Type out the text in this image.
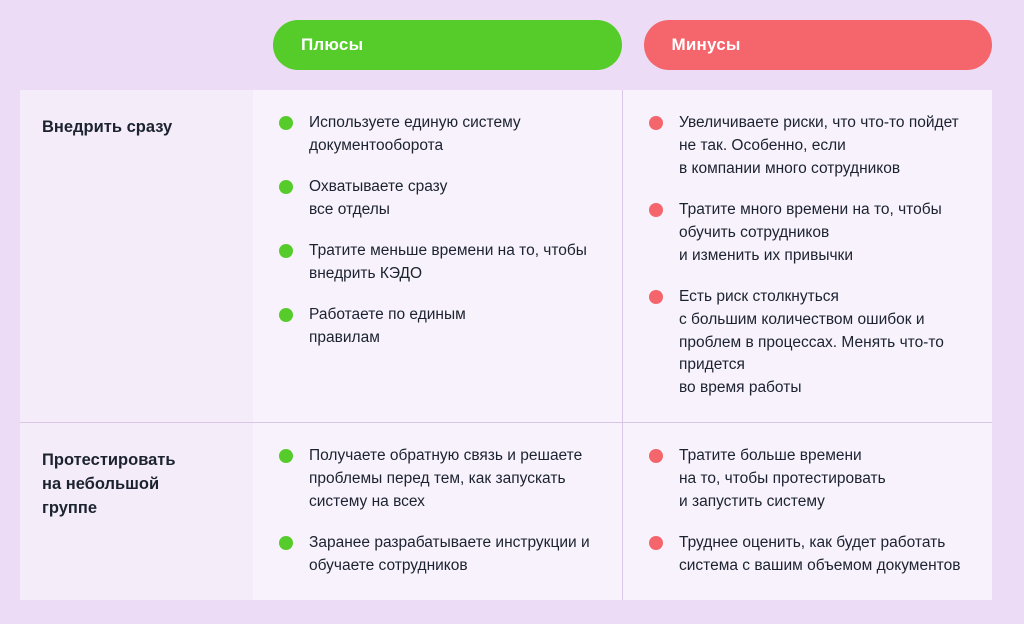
Плюсы	Минусы
Внедрить сразу	Используете единую систему документооборота
Охватываете сразу
все отделы
Тратите меньше времени на то, чтобы внедрить КЭДО
Работаете по единым
правилам
Увеличиваете риски, что что-то пойдет не так. Особенно, если
в компании много сотрудников
Тратите много времени на то, чтобы обучить сотрудников
и изменить их привычки
Есть риск столкнуться
с большим количеством ошибок и проблем в процессах. Менять что-то придется
во время работы
Протестировать
на небольшой
группе
Получаете обратную связь и решаете проблемы перед тем, как запускать систему на всех
Заранее разрабатываете инструкции и обучаете сотрудников
Тратите больше времени
на то, чтобы протестировать
и запустить систему
Труднее оценить, как будет работать система с вашим объемом документов
